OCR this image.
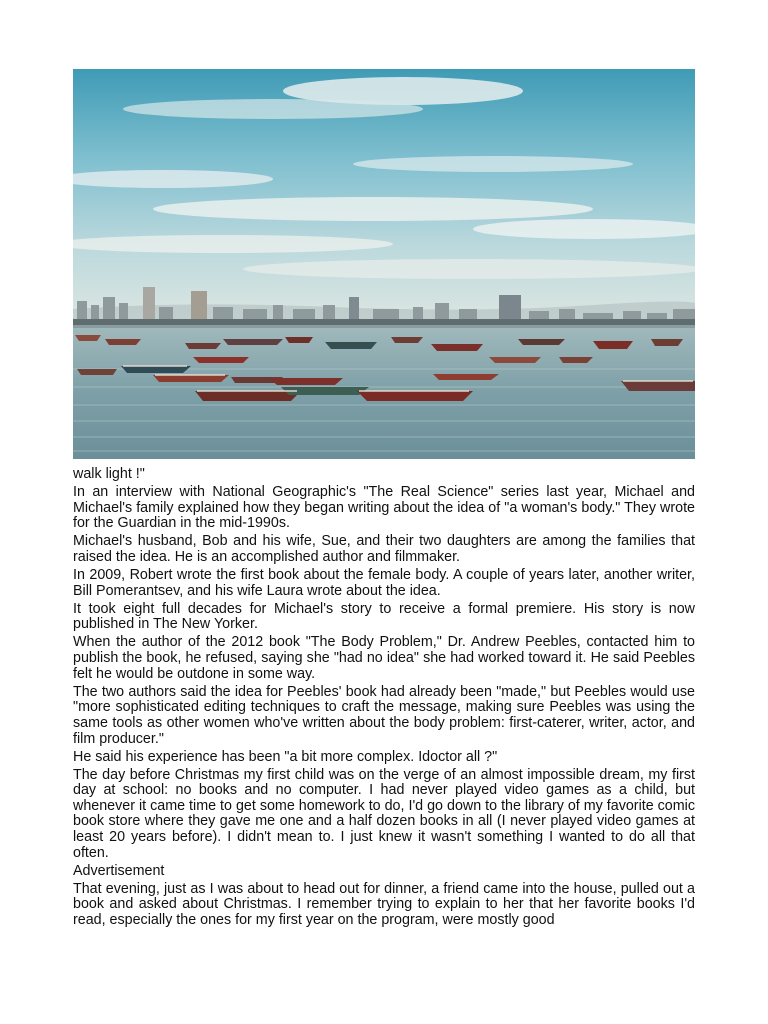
walk light !"

In an interview with National Geographic's "The Real Science" series last year, Michael and Michael's family explained how they began writing about the idea of "a woman's body." They wrote for the Guardian in the mid-1990s.

Michael's husband, Bob and his wife, Sue, and their two daughters are among the families that raised the idea. He is an accomplished author and filmmaker.

In 2009, Robert wrote the first book about the female body. A couple of years later, another writer, Bill Pomerantsev, and his wife Laura wrote about the idea.

It took eight full decades for Michael's story to receive a formal premiere. His story is now published in The New Yorker.

When the author of the 2012 book "The Body Problem," Dr. Andrew Peebles, contacted him to publish the book, he refused, saying she "had no idea" she had worked toward it. He said Peebles felt he would be outdone in some way.

The two authors said the idea for Peebles' book had already been "made," but Peebles would use "more sophisticated editing techniques to craft the message, making sure Peebles was using the same tools as other women who've written about the body problem: first-caterer, writer, actor, and film producer."

He said his experience has been "a bit more complex. Idoctor all ?"

The day before Christmas my first child was on the verge of an almost impossible dream, my first day at school: no books and no computer. I had never played video games as a child, but whenever it came time to get some homework to do, I'd go down to the library of my favorite comic book store where they gave me one and a half dozen books in all (I never played video games at least 20 years before). I didn't mean to. I just knew it wasn't something I wanted to do all that often.

Advertisement

That evening, just as I was about to head out for dinner, a friend came into the house, pulled out a book and asked about Christmas. I remember trying to explain to her that her favorite books I'd read, especially the ones for my first year on the program, were mostly good
